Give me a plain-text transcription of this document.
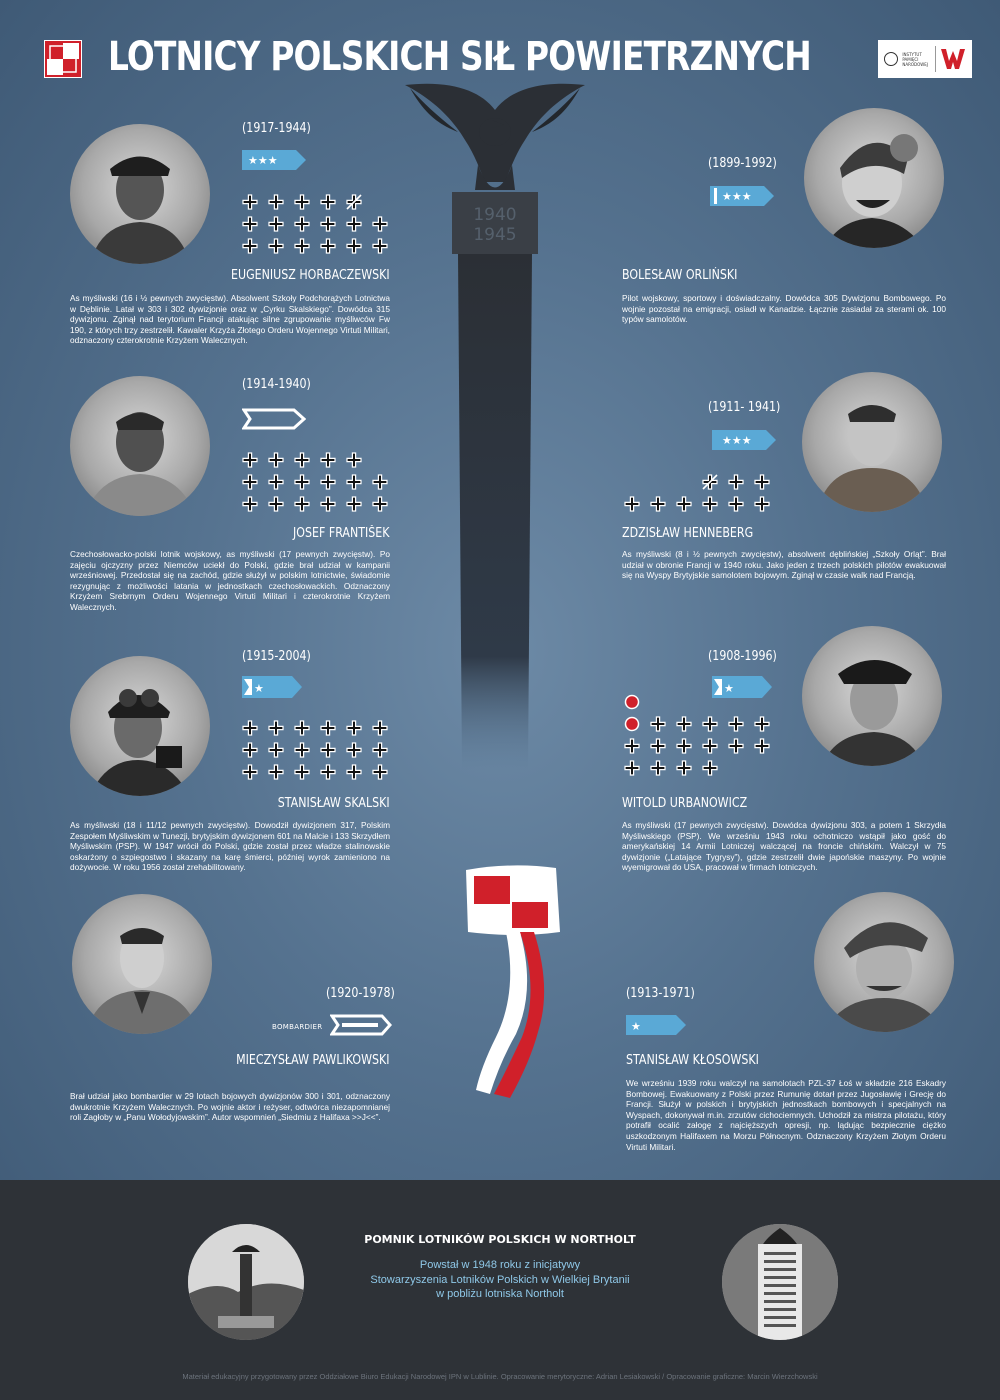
LOTNICY POLSKICH SIŁ POWIETRZNYCH	INSTYTUT PAMIĘCI NARODOWEJ
1940
1945
(1917-1944)
(1899-1992)
(1914-1940)
(1911- 1941)
(1915-2004)	(1908-1996)
(1920-1978)	(1913-1971)
★★★
★★★
★★★
★	★
★
BOMBARDIER
EUGENIUSZ HORBACZEWSKI	BOLESŁAW ORLIŃSKI
JOSEF FRANTIŠEK	ZDZISŁAW HENNEBERG
STANISŁAW SKALSKI	WITOLD URBANOWICZ
MIECZYSŁAW PAWLIKOWSKI	STANISŁAW KŁOSOWSKI
As myśliwski (16 i ½ pewnych zwycięstw). Absolwent Szkoły Podchorążych Lotnictwa w Dęblinie. Latał w 303 i 302 dywizjonie oraz w „Cyrku Skalskiego”. Dowódca 315 dywizjonu. Zginął nad terytorium Francji atakując silne zgrupowanie myśliwców Fw 190, z których trzy zestrzelił. Kawaler Krzyża Złotego Orderu Wojennego Virtuti Militari, odznaczony czterokrotnie Krzyżem Walecznych.
Pilot wojskowy, sportowy i doświadczalny. Dowódca 305 Dywizjonu Bombowego. Po wojnie pozostał na emigracji, osiadł w Kanadzie. Łącznie zasiadał za sterami ok. 100 typów samolotów.
Czechosłowacko-polski lotnik wojskowy, as myśliwski (17 pewnych zwycięstw). Po zajęciu ojczyzny przez Niemców uciekł do Polski, gdzie brał udział w kampanii wrześniowej. Przedostał się na zachód, gdzie służył w polskim lotnictwie, świadomie rezygnując z możliwości latania w jednostkach czechosłowackich. Odznaczony Krzyżem Srebrnym Orderu Wojennego Virtuti Militari i czterokrotnie Krzyżem Walecznych.
As myśliwski (8 i ½ pewnych zwycięstw), absolwent dęblińskiej „Szkoły Orląt”. Brał udział w obronie Francji w 1940 roku. Jako jeden z trzech polskich pilotów ewakuował się na Wyspy Brytyjskie samolotem bojowym. Zginął w czasie walk nad Francją.
As myśliwski (18 i 11/12 pewnych zwycięstw). Dowodził dywizjonem 317, Polskim Zespołem Myśliwskim w Tunezji, brytyjskim dywizjonem 601 na Malcie i 133 Skrzydłem Myśliwskim (PSP). W 1947 wrócił do Polski, gdzie został przez władze stalinowskie oskarżony o szpiegostwo i skazany na karę śmierci, później wyrok zamieniono na dożywocie. W roku 1956 został zrehabilitowany.
As myśliwski (17 pewnych zwycięstw). Dowódca dywizjonu 303, a potem 1 Skrzydła Myśliwskiego (PSP). We wrześniu 1943 roku ochotniczo wstąpił jako gość do amerykańskiej 14 Armii Lotniczej walczącej na froncie chińskim. Walczył w 75 dywizjonie („Latające Tygrysy”), gdzie zestrzelił dwie japońskie maszyny. Po wojnie wyemigrował do USA, pracował w firmach lotniczych.
Brał udział jako bombardier w 29 lotach bojowych dywizjonów 300 i 301, odznaczony dwukrotnie Krzyżem Walecznych. Po wojnie aktor i reżyser, odtwórca niezapomnianej roli Zagłoby w „Panu Wołodyjowskim”. Autor wspomnień „Siedmiu z Halifaxa >>J<<”.
We wrześniu 1939 roku walczył na samolotach PZL-37 Łoś w składzie 216 Eskadry Bombowej. Ewakuowany z Polski przez Rumunię dotarł przez Jugosławię i Grecję do Francji. Służył w polskich i brytyjskich jednostkach bombowych i specjalnych na Wyspach, dokonywał m.in. zrzutów cichociemnych. Uchodził za mistrza pilotażu, który potrafił ocalić załogę z najcięższych opresji, np. lądując bezpiecznie ciężko uszkodzonym Halifaxem na Morzu Północnym. Odznaczony Krzyżem Złotym Orderu Virtuti Militari.
POMNIK LOTNIKÓW POLSKICH W NORTHOLT
Powstał w 1948 roku z inicjatywy
Stowarzyszenia Lotników Polskich w Wielkiej Brytanii
w pobliżu lotniska Northolt
Materiał edukacyjny przygotowany przez Oddziałowe Biuro Edukacji Narodowej IPN w Lublinie. Opracowanie merytoryczne: Adrian Lesiakowski / Opracowanie graficzne: Marcin Wierzchowski
